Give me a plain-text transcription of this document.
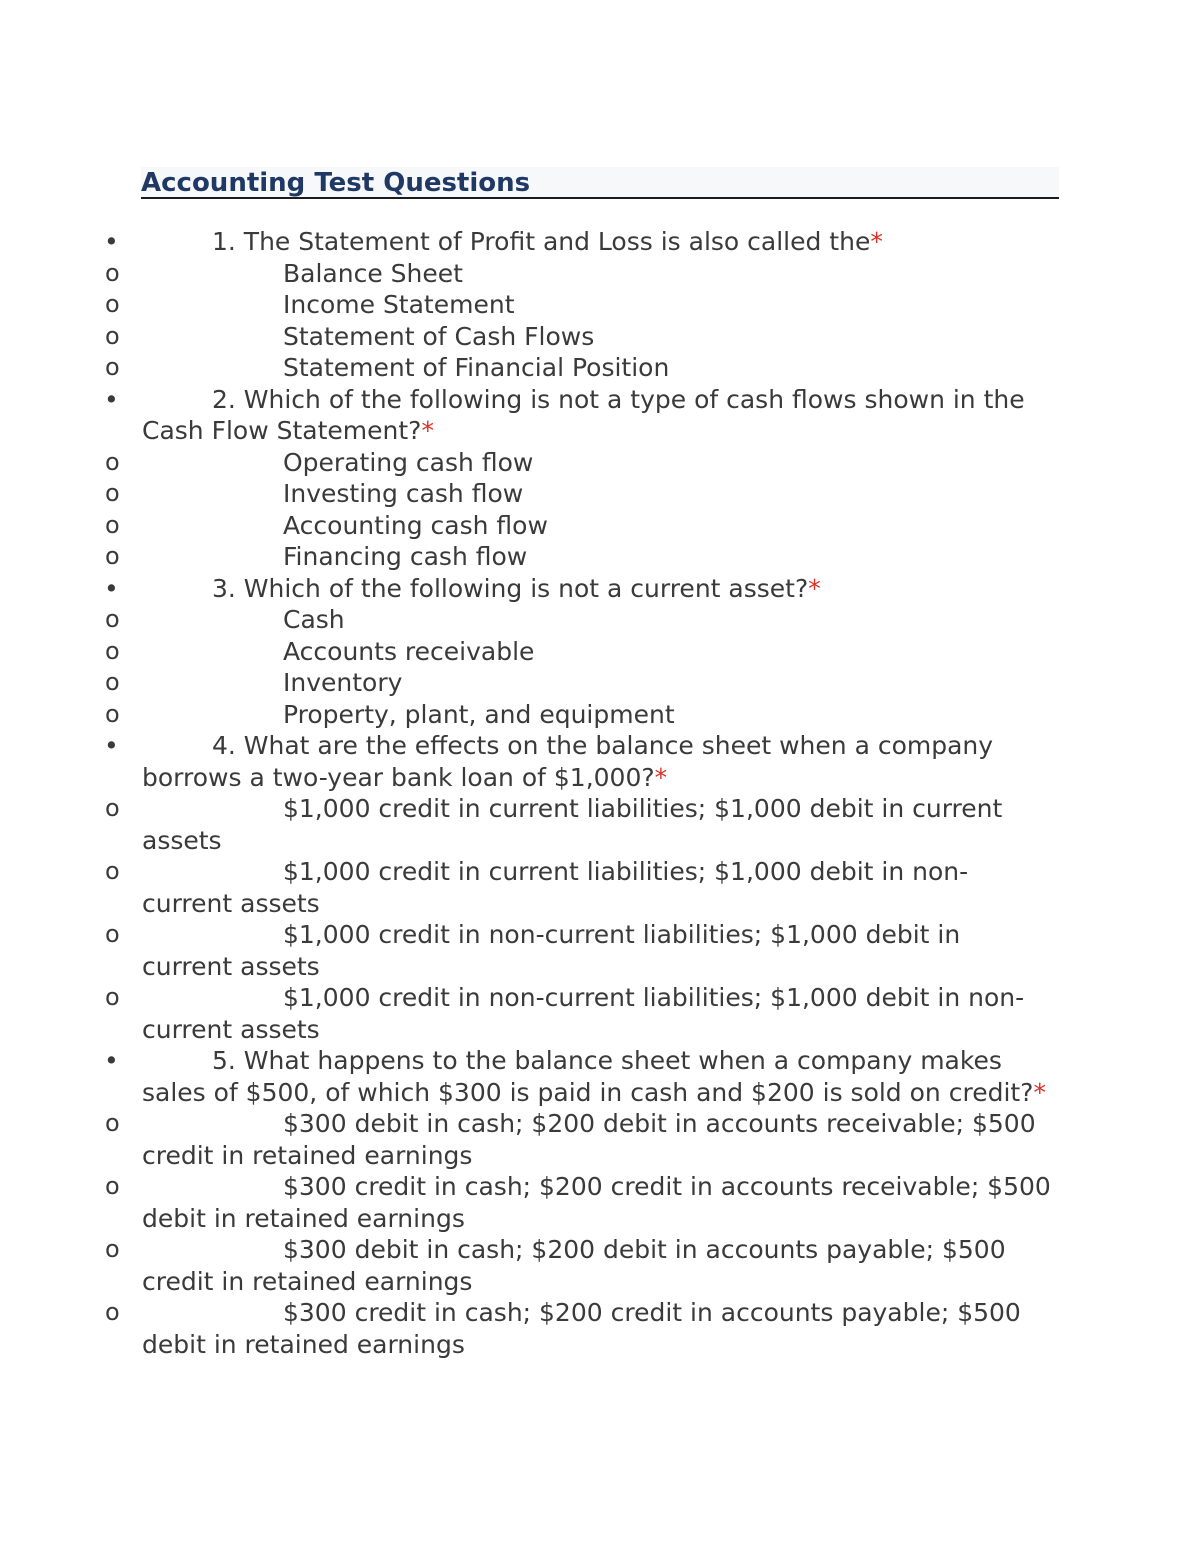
Accounting Test Questions
•	1. The Statement of Profit and Loss is also called the*
o	Balance Sheet
o	Income Statement
o	Statement of Cash Flows
o	Statement of Financial Position
•	2. Which of the following is not a type of cash flows shown in the Cash Flow Statement?*
o	Operating cash flow
o	Investing cash flow
o	Accounting cash flow
o	Financing cash flow
•	3. Which of the following is not a current asset?*
o	Cash
o	Accounts receivable
o	Inventory
o	Property, plant, and equipment
•	4. What are the effects on the balance sheet when a company borrows a two-year bank loan of $1,000?*
o	$1,000 credit in current liabilities; $1,000 debit in current assets
o	$1,000 credit in current liabilities; $1,000 debit in non-current assets
o	$1,000 credit in non-current liabilities; $1,000 debit in current assets
o	$1,000 credit in non-current liabilities; $1,000 debit in non-current assets
•	5. What happens to the balance sheet when a company makes sales of $500, of which $300 is paid in cash and $200 is sold on credit?*
o	$300 debit in cash; $200 debit in accounts receivable; $500 credit in retained earnings
o	$300 credit in cash; $200 credit in accounts receivable; $500 debit in retained earnings
o	$300 debit in cash; $200 debit in accounts payable; $500 credit in retained earnings
o	$300 credit in cash; $200 credit in accounts payable; $500 debit in retained earnings
